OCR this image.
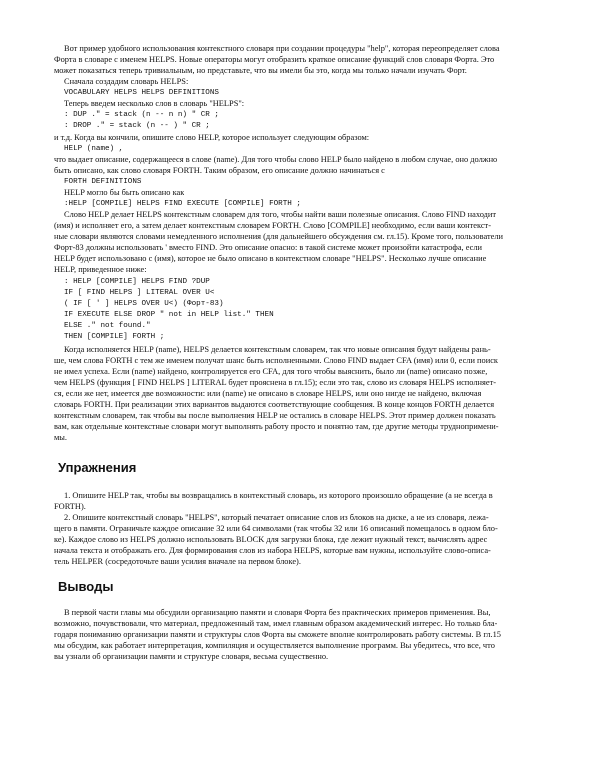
Вот пример удобного использования контекстного словаря при создании процедуры "help", которая переопределяет слова

Форта в словаре с именем HELPS. Новые операторы могут отобразить краткое описание функций слов словаря Форта. Это

может показаться теперь тривиальным, но представьте, что вы имели бы это, когда мы только начали изучать Форт.

Сначала создадим словарь HELPS:

VOCABULARY HELPS HELPS DEFINITIONS

Теперь введем несколько слов в словарь "HELPS":

: DUP ." = stack (n -- n n) " CR ;

: DROP ." = stack (n -- ) " CR ;

и т.д. Когда вы кончили, опишите слово HELP, которое использует следующим образом:

HELP (name) ,

что выдает описание, содержащееся в слове (name). Для того чтобы слово HELP было найдено в любом случае, оно должно

быть описано, как слово словаря FORTH. Таким образом, его описание должно начинаться с

FORTH DEFINITIONS

HELP могло бы быть описано как

:HELP [COMPILE] HELPS FIND EXECUTE [COMPILE] FORTH ;

Слово HELP делает HELPS контекстным словарем для того, чтобы найти ваши полезные описания. Слово FIND находит

(имя) и исполняет его, а затем делает контекстным словарем FORTH. Слово [COMPILE] необходимо, если ваши контекст-

ные словари являются словами немедленного исполнения (для дальнейшего обсуждения см. гл.15). Кроме того, пользователи

Форт-83 должны использовать ' вместо FIND. Это описание опасно: в такой системе может произойти катастрофа, если

HELP будет использовано с (имя), которое не было описано в контекстном словаре "HELPS". Несколько лучше описание

HELP, приведенное ниже:

: HELP [COMPILE] HELPS FIND ?DUP

IF [ FIND HELPS ] LITERAL OVER U<

( IF [ ' ] HELPS OVER U<) (Форт-83)

IF EXECUTE ELSE DROP " not in HELP list." THEN

ELSE ." not found."

THEN [COMPILE] FORTH ;

Когда исполняется HELP (name), HELPS делается контекстным словарем, так что новые описания будут найдены рань-

ше, чем слова FORTH с тем же именем получат шанс быть исполненными. Слово FIND выдает CFA (имя) или 0, если поиск

не имел успеха. Если (name) найдено, контролируется его CFA, для того чтобы выяснить, было ли (name) описано позже,

чем HELPS (функция [ FIND HELPS ] LITERAL будет прояснена в гл.15); если это так, слово из словаря HELPS исполняет-

ся, если же нет, имеется две возможности: или (name) не описано в словаре HELPS, или оно нигде не найдено, включая

словарь FORTH. При реализации этих вариантов выдаются соответствующие сообщения. В конце концов FORTH делается

контекстным словарем, так чтобы вы после выполнения HELP не остались в словаре HELPS. Этот пример должен показать

вам, как отдельные контекстные словари могут выполнять работу просто и понятно там, где другие методы труднопримени-

мы.

Упражнения

1. Опишите HELP так, чтобы вы возвращались в контекстный словарь, из которого произошло обращение (а не всегда в

FORTH).

2. Опишите контекстный словарь "HELPS", который печатает описание слов из блоков на диске, а не из словаря, лежа-

щего в памяти. Ограничьте каждое описание 32 или 64 символами (так чтобы 32 или 16 описаний помещалось в одном бло-

ке). Каждое слово из HELPS должно использовать BLOCK для загрузки блока, где лежит нужный текст, вычислять адрес

начала текста и отображать его. Для формирования слов из набора HELPS, которые вам нужны, используйте слово-описа-

тель HELPER (сосредоточьте ваши усилия вначале на первом блоке).

Выводы

В первой части главы мы обсудили организацию памяти и словаря Форта без практических примеров применения. Вы,

возможно, почувствовали, что материал, предложенный там, имел главным образом академический интерес. Но только бла-

годаря пониманию организации памяти и структуры слов Форта вы сможете вполне контролировать работу системы. В гл.15

мы обсудим, как работает интерпретация, компиляция и осуществляется выполнение программ. Вы убедитесь, что все, что

вы узнали об организации памяти и структуре словаря, весьма существенно.
